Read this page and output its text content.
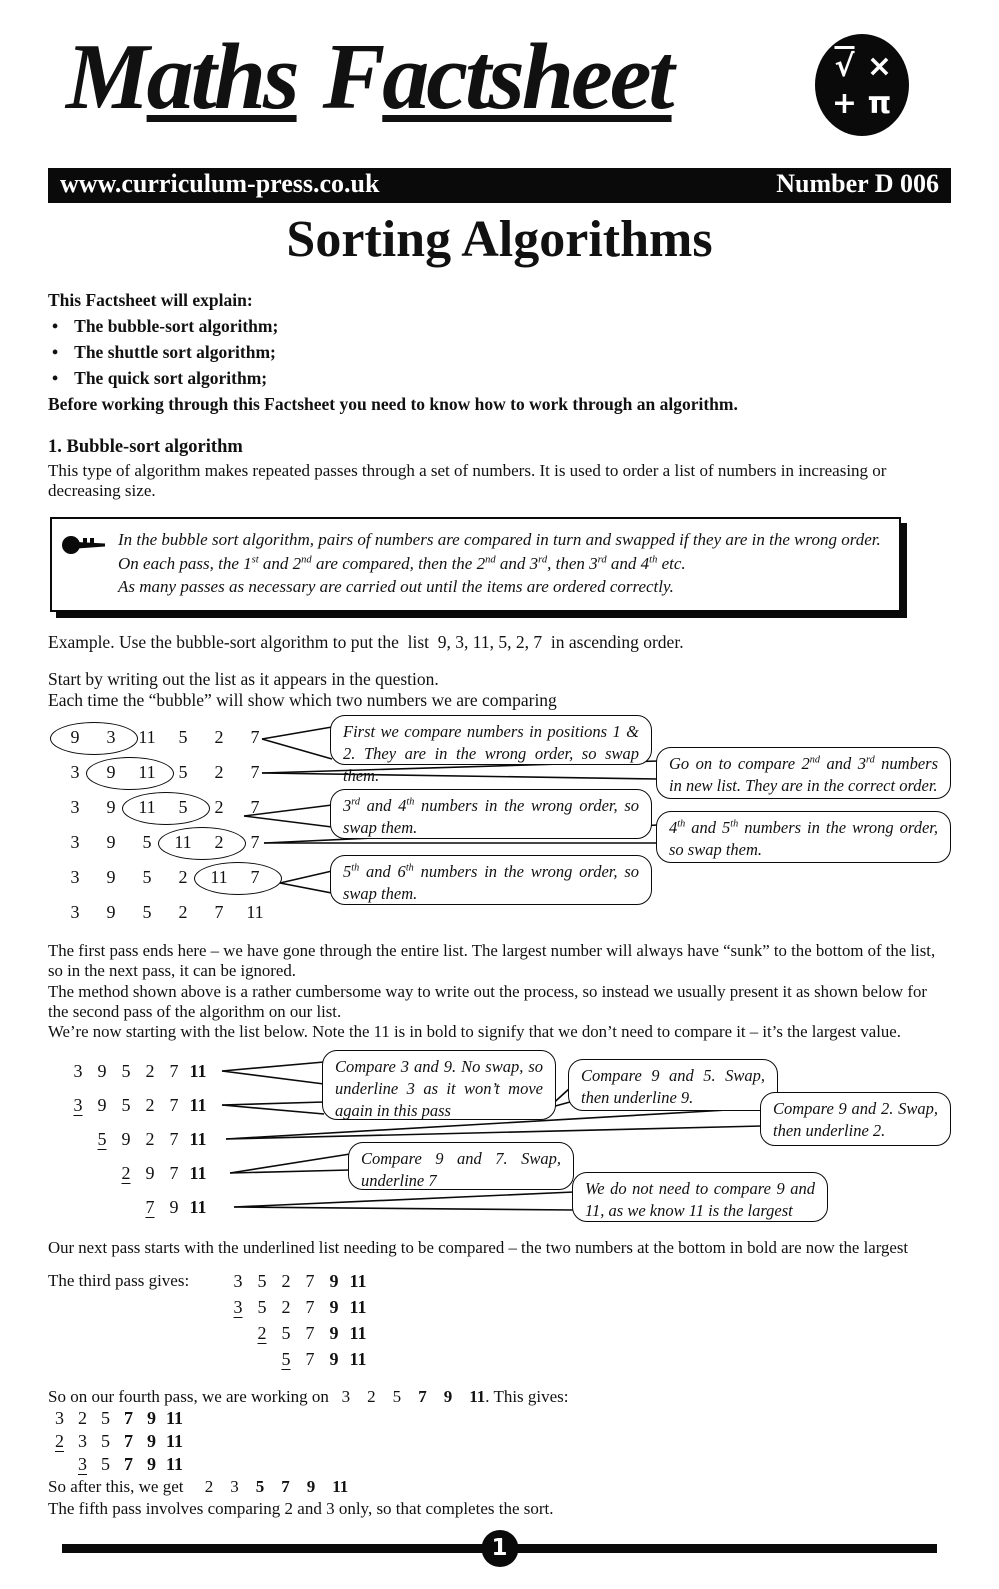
Maths Factsheet	√ ×
+ π
www.curriculum-press.co.uk	Number D 006
Sorting Algorithms
This Factsheet will explain:
• The bubble-sort algorithm;
• The shuttle sort algorithm;
• The quick sort algorithm;
Before working through this Factsheet you need to know how to work through an algorithm.
1. Bubble-sort algorithm
This type of algorithm makes repeated passes through a set of numbers. It is used to order a list of numbers in increasing or decreasing size.
In the bubble sort algorithm, pairs of numbers are compared in turn and swapped if they are in the wrong order.
On each pass, the 1st and 2nd are compared, then the 2nd and 3rd, then 3rd and 4th etc.
As many passes as necessary are carried out until the items are ordered correctly.
Example. Use the bubble-sort algorithm to put the  list  9, 3, 11, 5, 2, 7  in ascending order.
Start by writing out the list as it appears in the question.
Each time the “bubble” will show which two numbers we are comparing
9	3	11	5	2	7
3	9	11	5	2	7
3	9	11	5	2	7
3	9	5	11	2	7
3	9	5	2	11	7
3	9	5	2	7	11
First we compare numbers in positions 1 & 2. They are in the wrong order, so swap them.
Go on to compare 2nd and 3rd numbers in new list. They are in the correct order.
3rd and 4th numbers in the wrong order, so swap them.	4th and 5th numbers in the wrong order, so swap them.
5th and 6th numbers in the wrong order, so swap them.
The first pass ends here – we have gone through the entire list. The largest number will always have “sunk” to the bottom of the list, so in the next pass, it can be ignored.
The method shown above is a rather cumbersome way to write out the process, so instead we usually present it as shown below for the second pass of the algorithm on our list.
We’re now starting with the list below. Note the 11 is in bold to signify that we don’t need to compare it – it’s the largest value.
3 9 5 2 7 11
3 9 5 2 7 11
5 9 2 7 11
2 9 7 11
7 9 11
Compare 3 and 9. No swap, so underline 3 as it won’t move again in this pass
Compare 9 and 5. Swap, then underline 9.
Compare 9 and 2. Swap, then underline 2.
Compare 9 and 7. Swap, underline 7	We do not need to compare 9 and 11, as we know 11 is the largest
Our next pass starts with the underlined list needing to be compared – the two numbers at the bottom in bold are now the largest
The third pass gives:	3 5 2 7 9 11
3 5 2 7 9 11
2 5 7 9 11
5 7 9 11
So on our fourth pass, we are working on   3    2    5    7 9 11. This gives:
3 2 5 7 9 11
2 3 5 7 9 11
3 5 7 9 11
So after this, we get     2    3    5 7 9 11
The fifth pass involves comparing 2 and 3 only, so that completes the sort.
1
